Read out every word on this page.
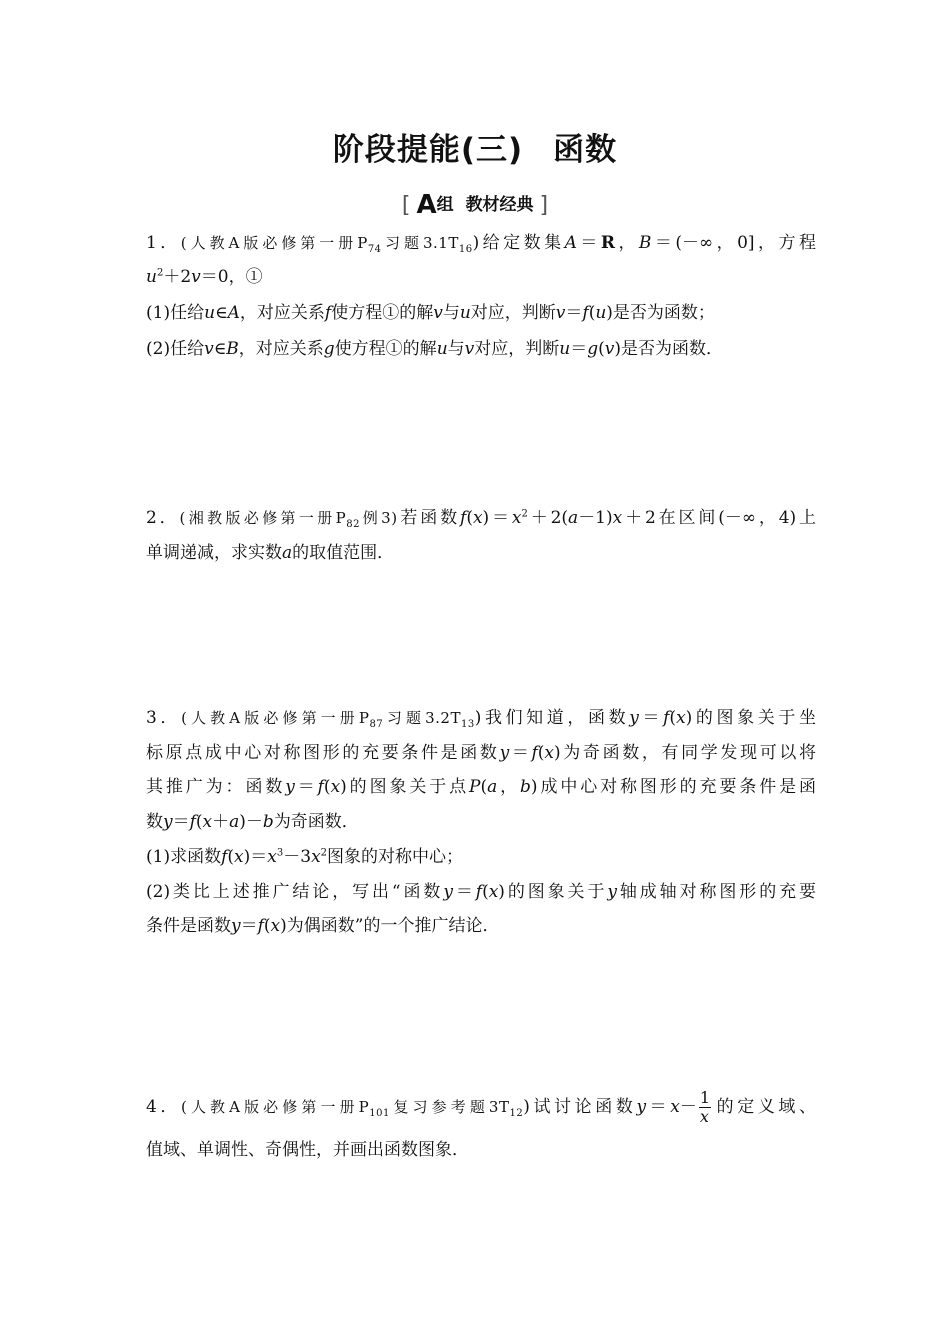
阶段提能(三) 函数
[ A组 教材经典 ]
1．(人教A版必修第一册$P_{74}$习题$3.1T_{16}$)给定数集A＝R，B＝(－∞，0]，方程
$u^2+2v=0$，①
(1)任给u∈A，对应关系f使方程①的解v与u对应，判断v＝f(u)是否为函数；
(2)任给v∈B，对应关系g使方程①的解u与v对应，判断u＝g(v)是否为函数．
2．(湘教版必修第一册$P_{82}$例3)若函数$f(x)=x^2+2(a-1)x+2$在区间(－∞，4)上
单调递减，求实数a的取值范围．
3．(人教A版必修第一册$P_{87}$习题$3.2T_{13}$)我们知道，函数y＝f(x)的图象关于坐
标原点成中心对称图形的充要条件是函数y＝f(x)为奇函数，有同学发现可以将
其推广为：函数y＝f(x)的图象关于点P(a，b)成中心对称图形的充要条件是函
数y＝f(x＋a)－b为奇函数．
(1)求函数$f(x)=x^3-3x^2$图象的对称中心；
(2)类比上述推广结论，写出“函数y＝f(x)的图象关于y轴成轴对称图形的充要
条件是函数y＝f(x)为偶函数”的一个推广结论．
4．(人教A版必修第一册$P_{101}$复习参考题$3T_{12}$)试讨论函数$y=x- \frac{1}{x}$ 的定义域、
值域、单调性、奇偶性，并画出函数图象．
